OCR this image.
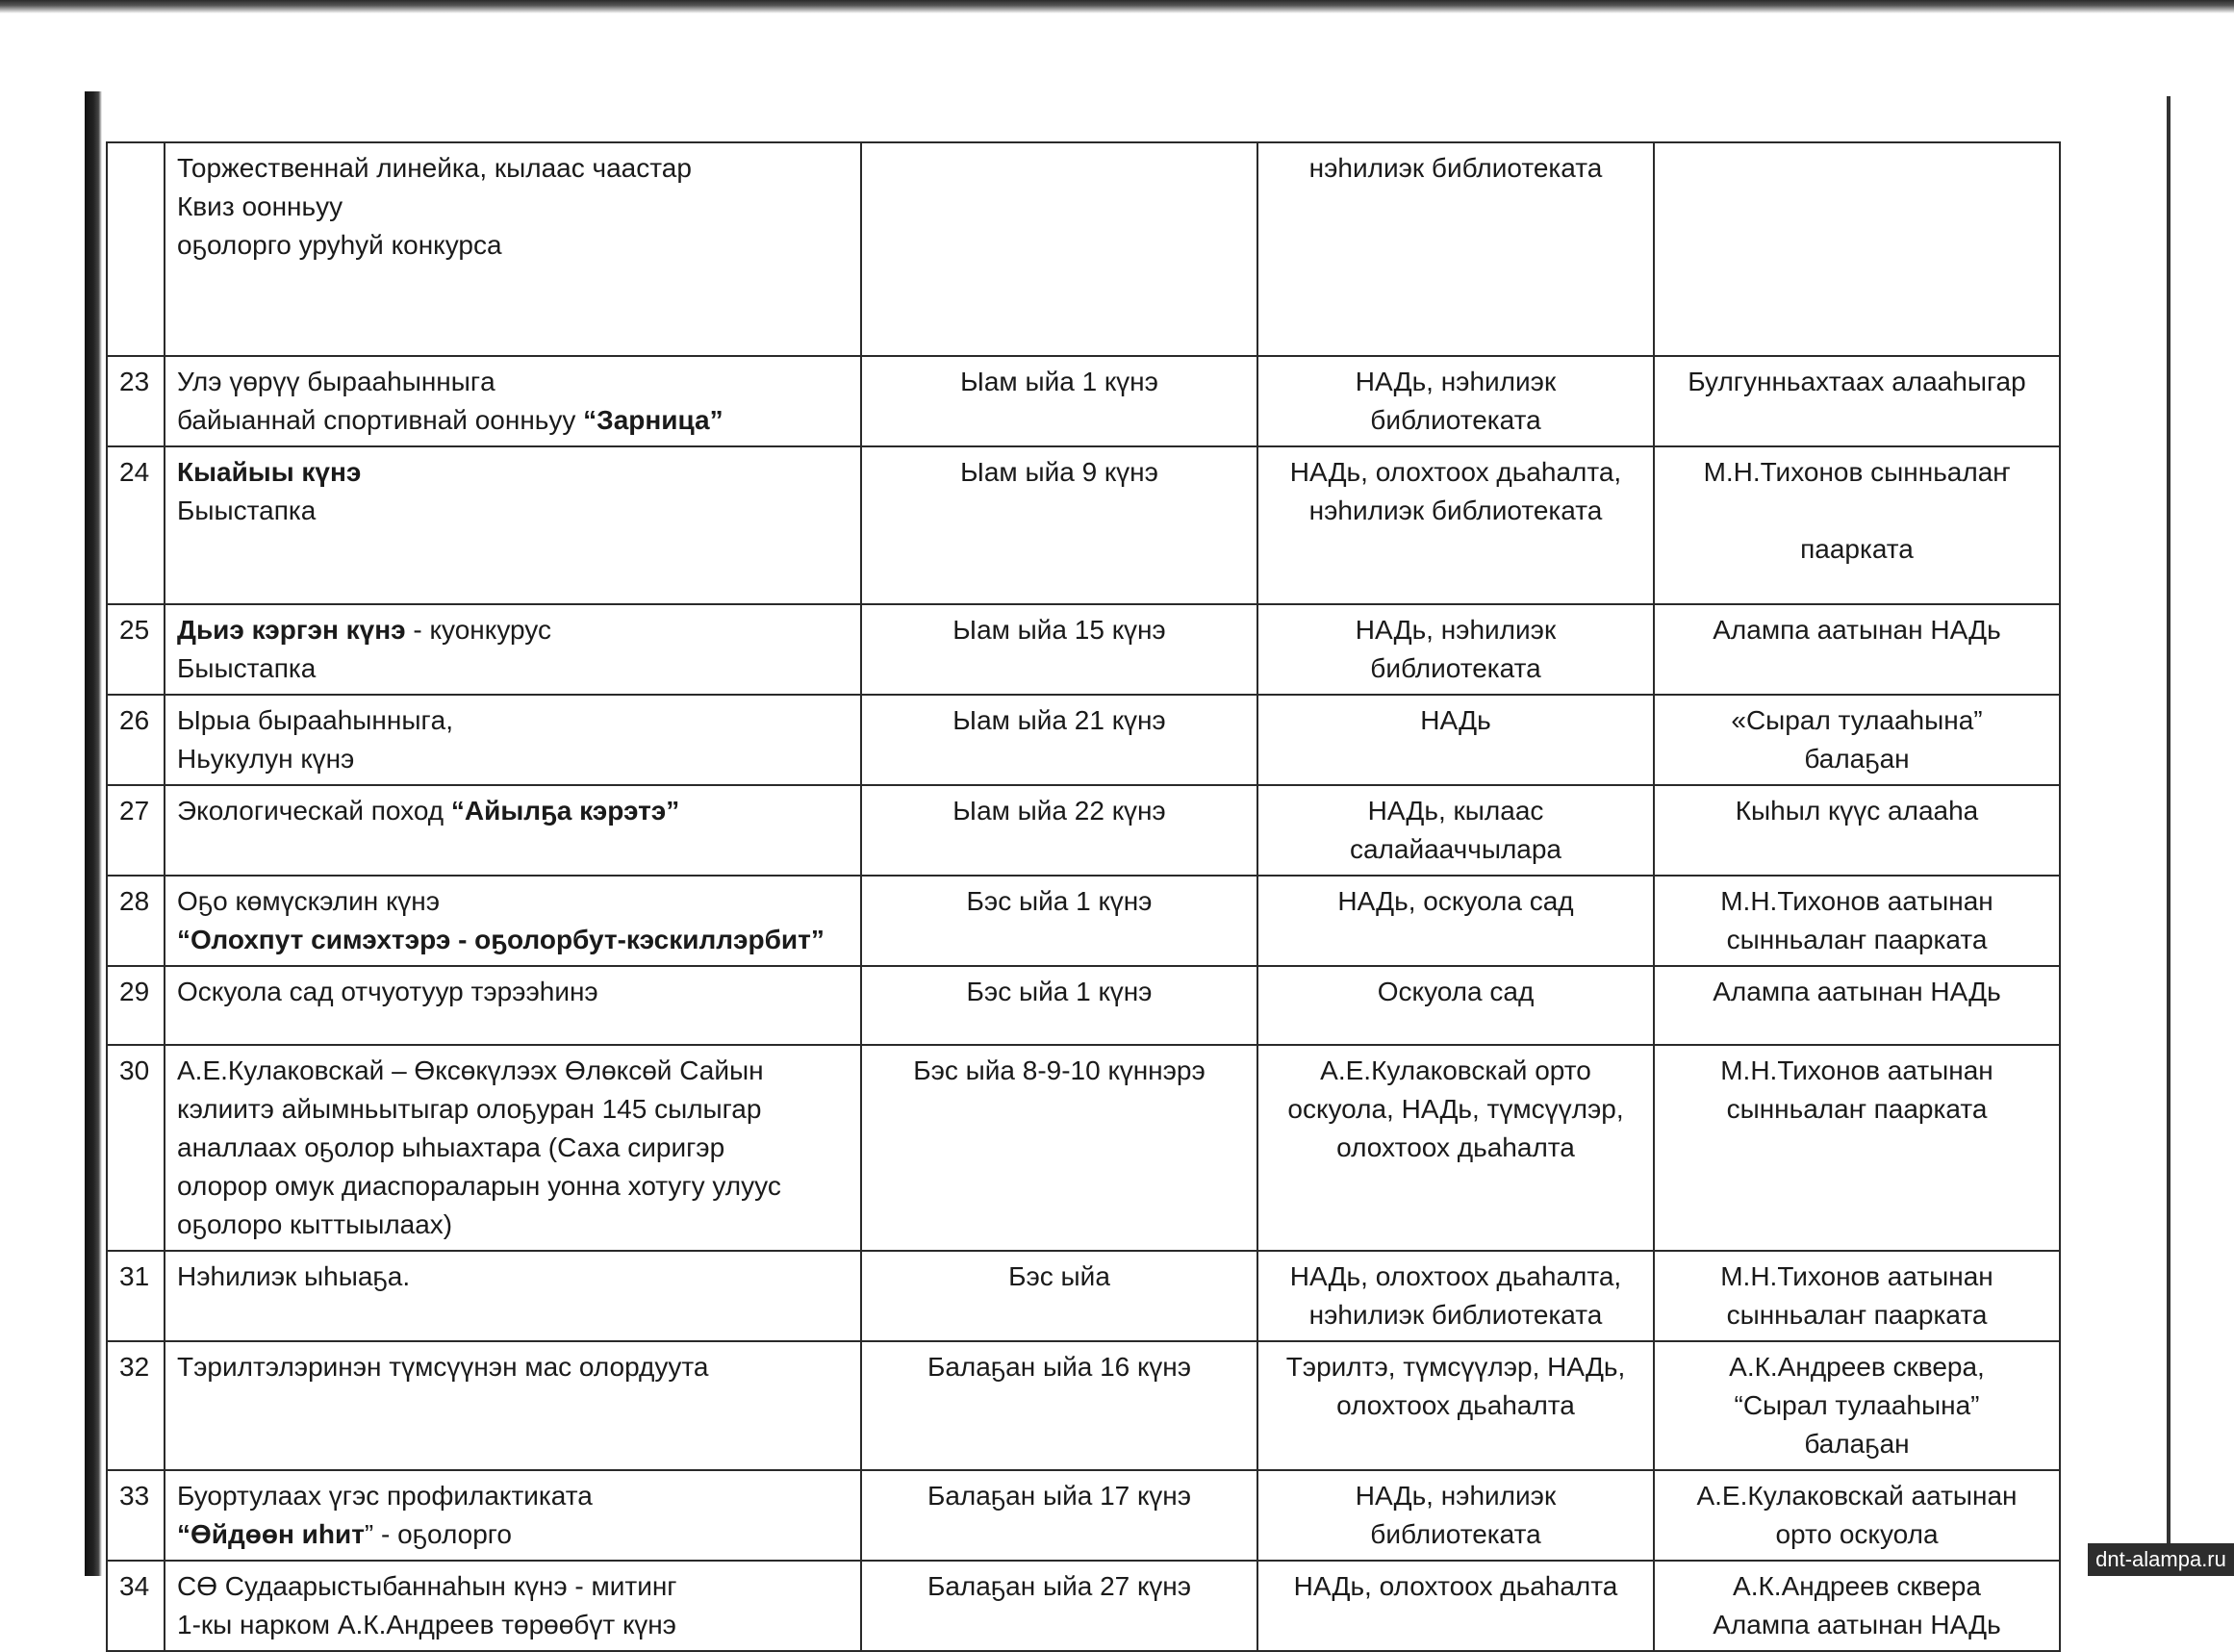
	Торжественнай линейка, кылаас чаастар
Квиз оонньуу
оҕолорго уруһуй конкурса		нэһилиэк библиотеката	
23	Улэ үөрүү бырааһынныгa
байыаннай спортивнай оонньуу “Зарница”	Ыам ыйа 1 күнэ	НАДь, нэһилиэк
библиотеката	Булгунньахтаах алааһыгар
24	Кыайыы күнэ
Быыстапка	Ыам ыйа 9 күнэ	НАДь, олохтоох дьаһалта,
нэһилиэк библиотеката	М.Н.Тихонов сынньалаҥ

паарката
25	Дьиэ кэргэн күнэ - куонкурус
Быыстапка	Ыам ыйа 15 күнэ	НАДь, нэһилиэк
библиотеката	Алампа аатынан НАДь
26	Ырыа бырааһынныгa,
Ньукулун күнэ	Ыам ыйа 21 күнэ	НАДь	«Сырал тулааһына”
балаҕан
27	Экологическай поход “Айылҕа кэрэтэ”	Ыам ыйа 22 күнэ	НАДь, кылаас
салайааччылара	Кыһыл күүс алааһа
28	Оҕо көмүскэлин күнэ
“Олохпут симэхтэрэ - оҕолорбут-кэскиллэрбит”	Бэс ыйа 1 күнэ	НАДь, оскуола сад	М.Н.Тихонов аатынан
сынньалаҥ паарката
29	Оскуола сад отчуотуур тэрээһинэ	Бэс ыйа 1 күнэ	Оскуола сад	Алампа аатынан НАДь
30	А.Е.Кулаковскай – Өксөкүлээх Өлөксөй Сайын
кэлиитэ айымньытыгар олоҕуран 145 сылыгар
аналлаах оҕолор ыһыахтара (Саха сиригэр
олорор омук диаспораларын уонна хотугу улуус
оҕолоро кыттыылаах)	Бэс ыйа 8-9-10 күннэрэ	А.Е.Кулаковскай орто
оскуола, НАДь, түмсүүлэр,
олохтоох дьаһалта	М.Н.Тихонов аатынан
сынньалаҥ паарката
31	Нэһилиэк ыһыаҕа.	Бэс ыйа	НАДь, олохтоох дьаһалта,
нэһилиэк библиотеката	М.Н.Тихонов аатынан
сынньалаҥ паарката
32	Тэрилтэлэринэн түмсүүнэн мас олордуута	Балаҕан ыйа 16 күнэ	Тэрилтэ, түмсүүлэр, НАДь,
олохтоох дьаһалта	А.К.Андреев сквера,
“Сырал тулааһына”
балаҕан
33	Буортулаах үгэс профилактиката
“Өйдөөн иһит” - оҕолорго	Балаҕан ыйа 17 күнэ	НАДь, нэһилиэк
библиотеката	А.Е.Кулаковскай аатынан
орто оскуола
34	СӨ Судаарыстыбаннаһын күнэ - митинг
1-кы нарком А.К.Андреев төрөөбүт күнэ	Балаҕан ыйа 27 күнэ	НАДь, олохтоох дьаһалта	А.К.Андреев сквера
Алампа аатынан НАДь
dnt-alampa.ru
